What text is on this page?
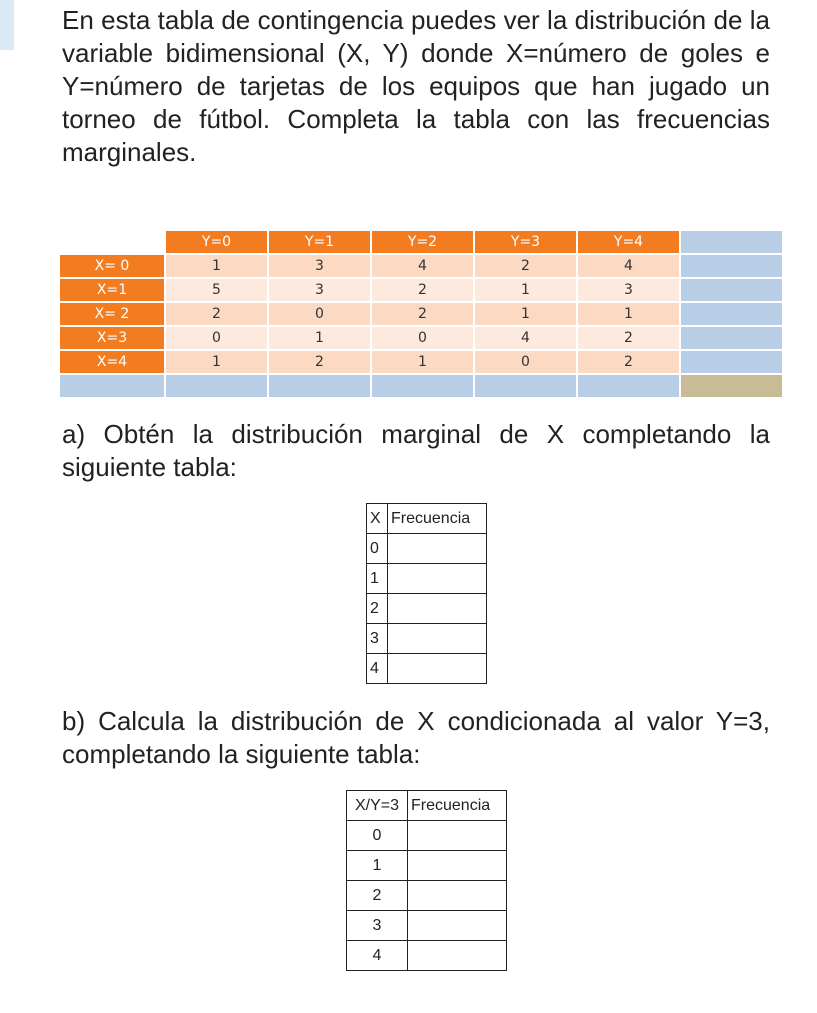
En esta tabla de contingencia puedes ver la distribución de la variable bidimensional (X, Y) donde X=número de goles e Y=número de tarjetas de los equipos que han jugado un torneo de fútbol. Completa la tabla con las frecuencias marginales.

	Y=0	Y=1	Y=2	Y=3	Y=4	
X= 0	1	3	4	2	4	
X=1	5	3	2	1	3	
X= 2	2	0	2	1	1	
X=3	0	1	0	4	2	
X=4	1	2	1	0	2	

a) Obtén la distribución marginal de X completando la siguiente tabla:

X	Frecuencia
0	
1	
2	
3	
4	

b) Calcula la distribución de X condicionada al valor Y=3, completando la siguiente tabla:

X/Y=3	Frecuencia
0	
1	
2	
3	
4	
